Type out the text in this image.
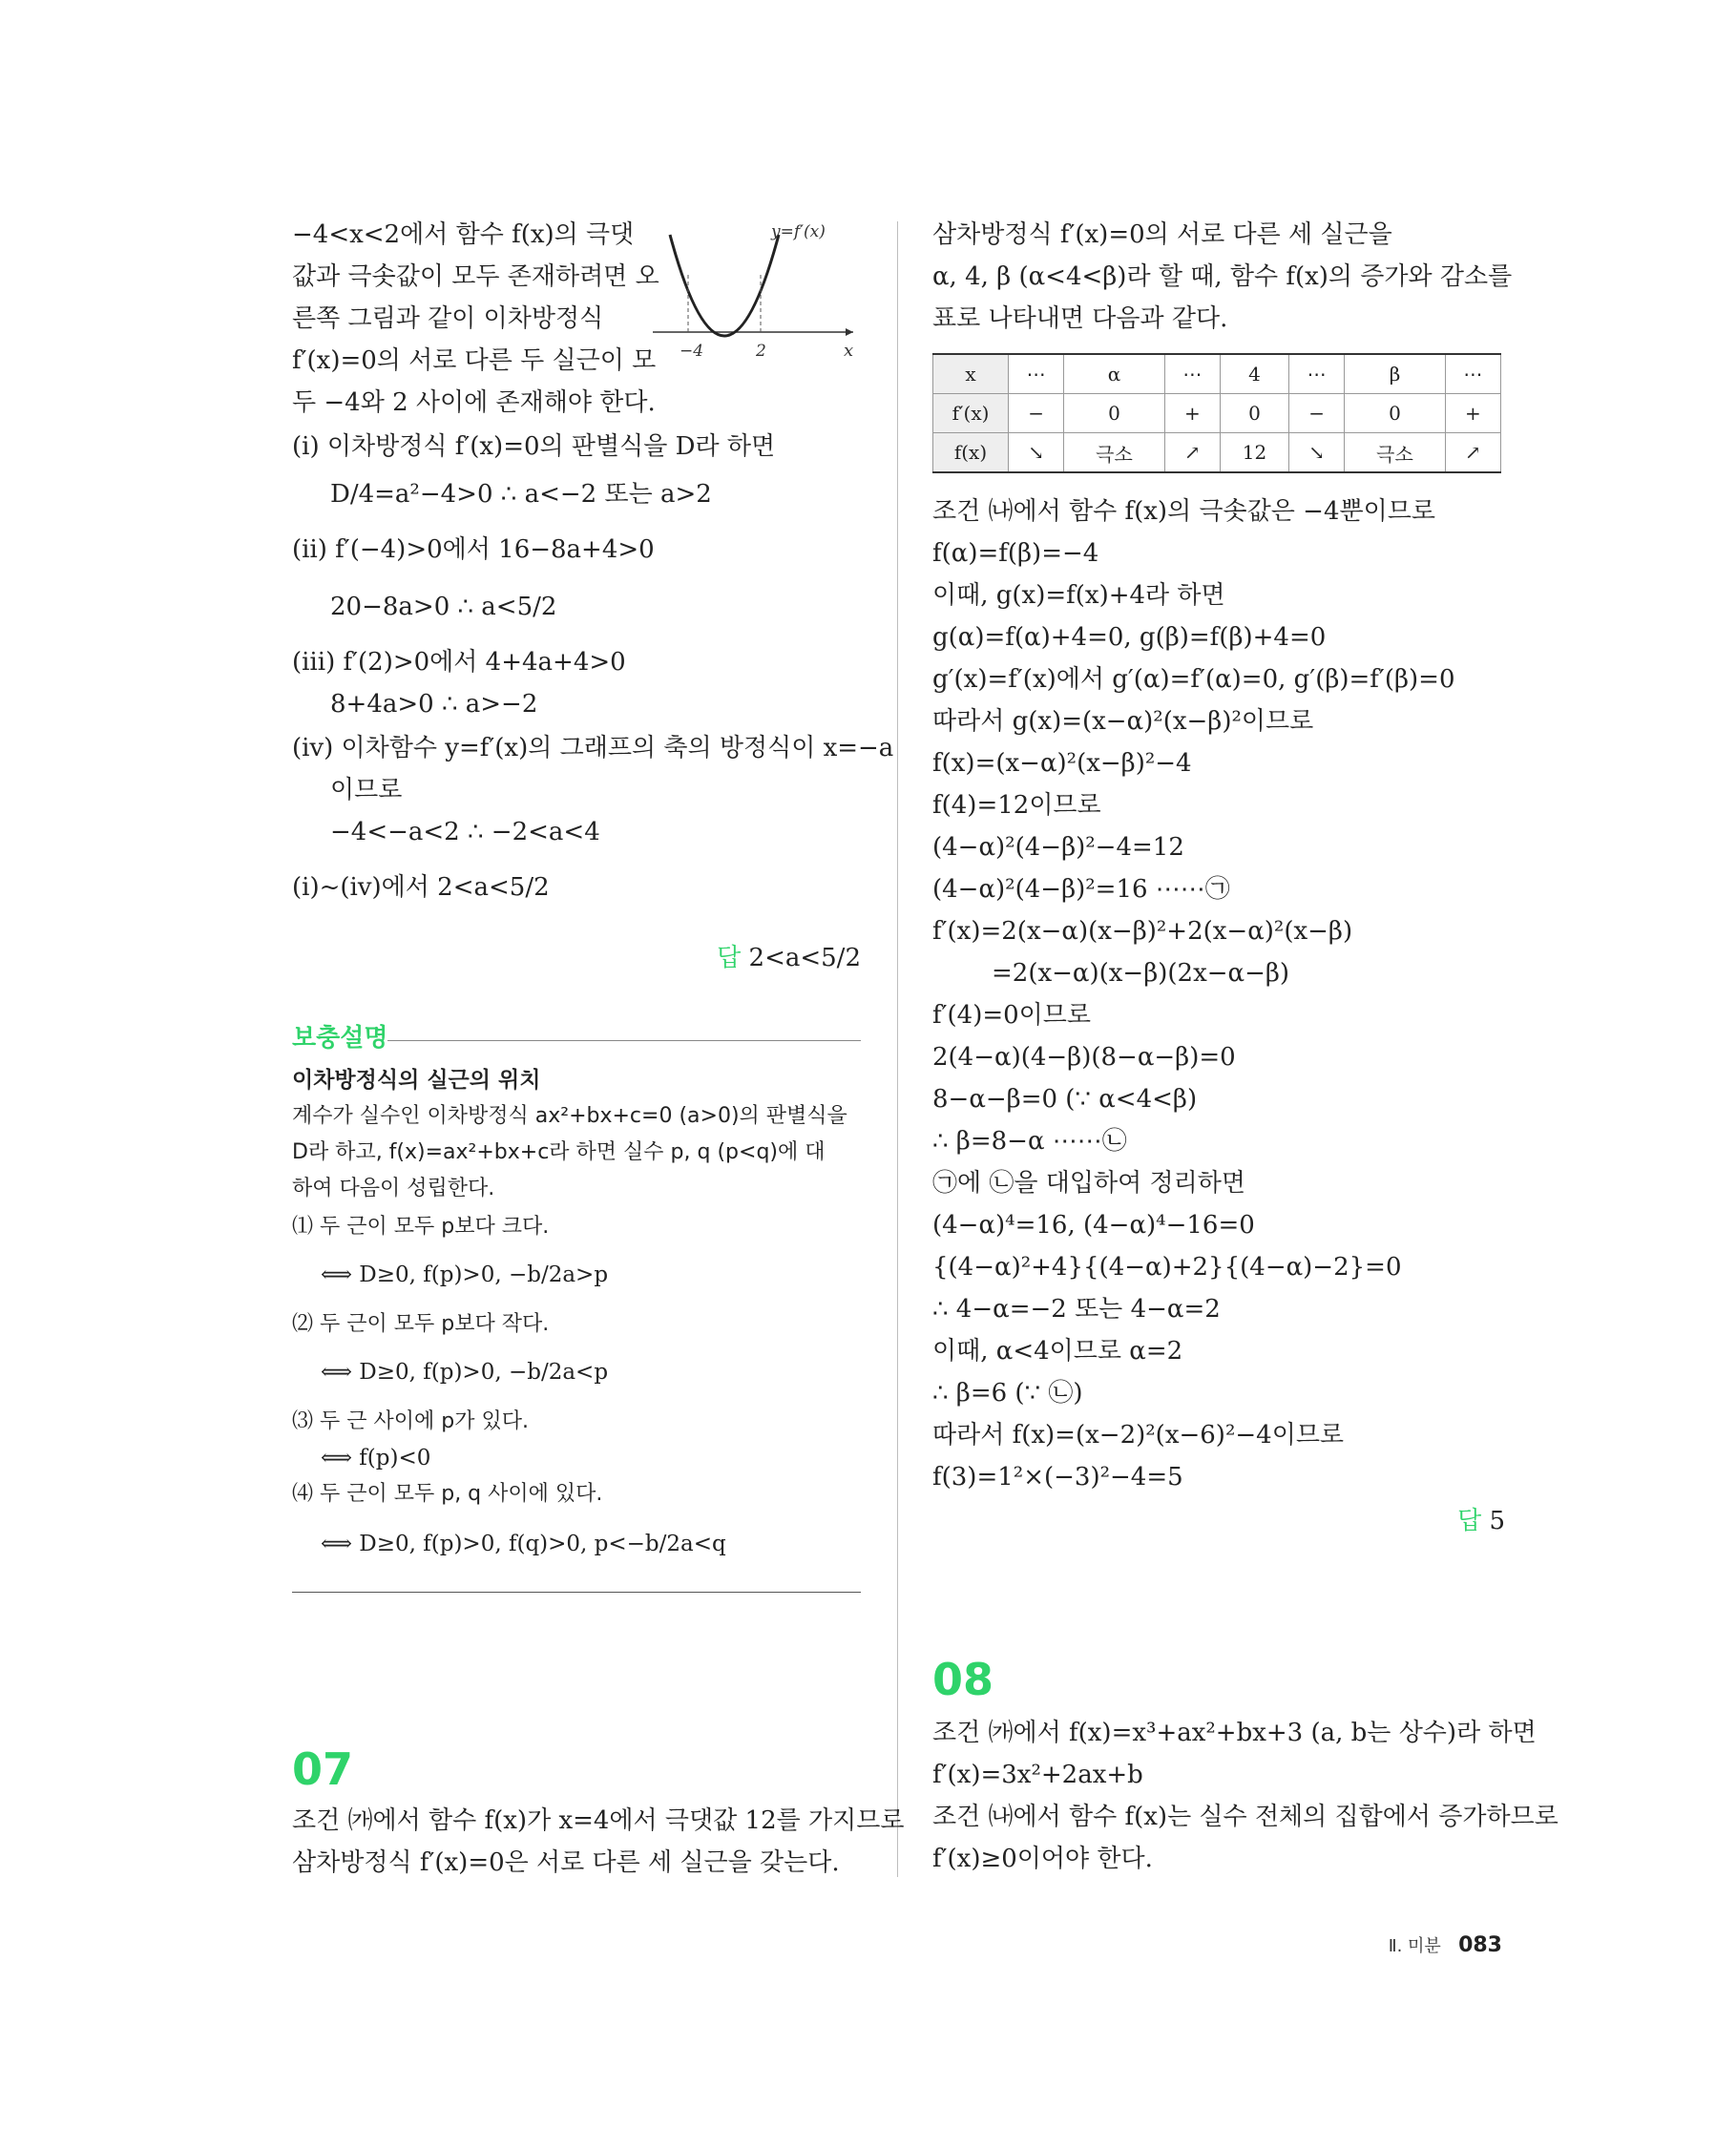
−4<x<2에서 함수 f(x)의 극댓
값과 극솟값이 모두 존재하려면 오
른쪽 그림과 같이 이차방정식
f′(x)=0의 서로 다른 두 실근이 모
두 −4와 2 사이에 존재해야 한다.
−4	2	x
y=f′(x)
(ⅰ) 이차방정식 f′(x)=0의 판별식을 D라 하면
D/4=a²−4>0 ∴ a<−2 또는 a>2
(ⅱ) f′(−4)>0에서 16−8a+4>0
20−8a>0 ∴ a<5/2
(ⅲ) f′(2)>0에서 4+4a+4>0
8+4a>0 ∴ a>−2
(ⅳ) 이차함수 y=f′(x)의 그래프의 축의 방정식이 x=−a
이므로
−4<−a<2 ∴ −2<a<4
(ⅰ)~(ⅳ)에서 2<a<5/2
답 2<a<5/2
보충설명
이차방정식의 실근의 위치
계수가 실수인 이차방정식 ax²+bx+c=0 (a>0)의 판별식을
D라 하고, f(x)=ax²+bx+c라 하면 실수 p, q (p<q)에 대
하여 다음이 성립한다.
⑴ 두 근이 모두 p보다 크다.
⟺ D≥0, f(p)>0, −b/2a>p
⑵ 두 근이 모두 p보다 작다.
⟺ D≥0, f(p)>0, −b/2a<p
⑶ 두 근 사이에 p가 있다.
⟺ f(p)<0
⑷ 두 근이 모두 p, q 사이에 있다.
⟺ D≥0, f(p)>0, f(q)>0, p<−b/2a<q
07
조건 ㈎에서 함수 f(x)가 x=4에서 극댓값 12를 가지므로
삼차방정식 f′(x)=0은 서로 다른 세 실근을 갖는다.
삼차방정식 f′(x)=0의 서로 다른 세 실근을
α, 4, β (α<4<β)라 할 때, 함수 f(x)의 증가와 감소를
표로 나타내면 다음과 같다.
x	⋯	α	⋯	4	⋯	β	⋯
f′(x)	−	0	+	0	−	0	+
f(x)	↘	극소	↗	12	↘	극소	↗
조건 ㈏에서 함수 f(x)의 극솟값은 −4뿐이므로
f(α)=f(β)=−4
이때, g(x)=f(x)+4라 하면
g(α)=f(α)+4=0, g(β)=f(β)+4=0
g′(x)=f′(x)에서 g′(α)=f′(α)=0, g′(β)=f′(β)=0
따라서 g(x)=(x−α)²(x−β)²이므로
f(x)=(x−α)²(x−β)²−4
f(4)=12이므로
(4−α)²(4−β)²−4=12
(4−α)²(4−β)²=16 ⋯⋯㉠
f′(x)=2(x−α)(x−β)²+2(x−α)²(x−β)
=2(x−α)(x−β)(2x−α−β)
f′(4)=0이므로
2(4−α)(4−β)(8−α−β)=0
8−α−β=0 (∵ α<4<β)
∴ β=8−α ⋯⋯㉡
㉠에 ㉡을 대입하여 정리하면
(4−α)⁴=16, (4−α)⁴−16=0
{(4−α)²+4}{(4−α)+2}{(4−α)−2}=0
∴ 4−α=−2 또는 4−α=2
이때, α<4이므로 α=2
∴ β=6 (∵ ㉡)
따라서 f(x)=(x−2)²(x−6)²−4이므로
f(3)=1²×(−3)²−4=5
답 5
08
조건 ㈎에서 f(x)=x³+ax²+bx+3 (a, b는 상수)라 하면
f′(x)=3x²+2ax+b
조건 ㈏에서 함수 f(x)는 실수 전체의 집합에서 증가하므로
f′(x)≥0이어야 한다.
Ⅱ. 미분 083
